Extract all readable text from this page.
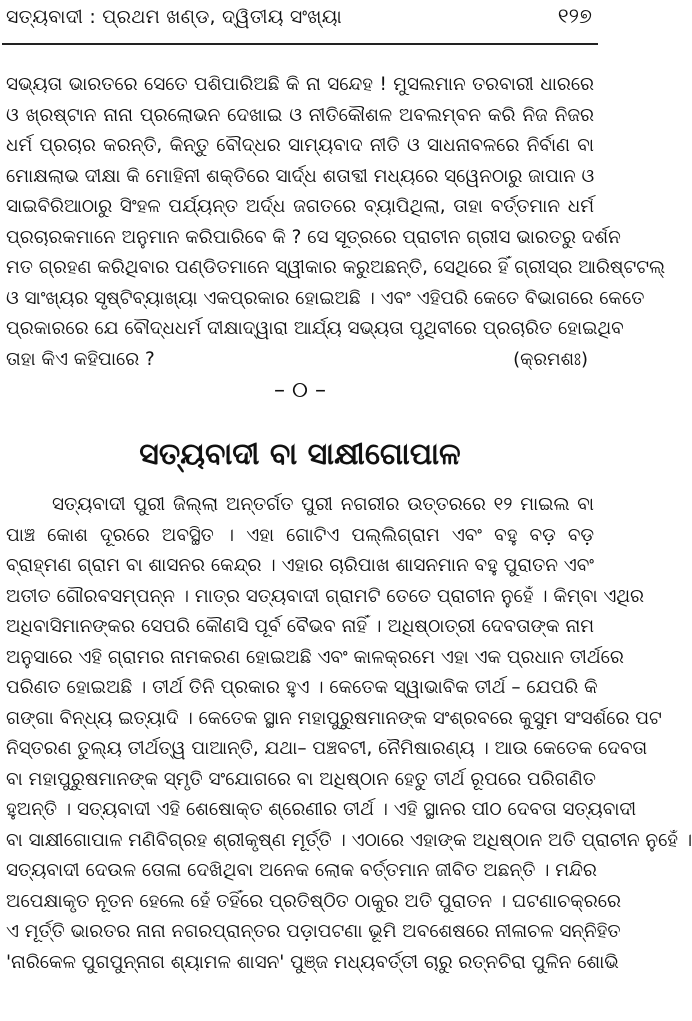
ସତ୍ୟବାଦୀ : ପ୍ରଥମ ଖଣ୍ଡ, ଦ୍ୱିତୀୟ ସଂଖ୍ୟା	୧୨୭
ସଭ୍ୟତା ଭାରତରେ ସେତେ ପଶିପାରିଅଛି କି ନା ସନ୍ଦେହ ! ମୁସଲମାନ ତରବାରୀ ଧାରରେ
ଓ ଖ୍ରଷ୍ଟାନ ନାନା ପ୍ରଲୋଭନ ଦେଖାଇ ଓ ନୀତିକୌଶଳ ଅବଲମ୍ବନ କରି ନିଜ ନିଜର
ଧର୍ମ ପ୍ରଚାର କରନ୍ତି, କିନ୍ତୁ ବୌଦ୍ଧର ସାମ୍ୟବାଦ ନୀତି ଓ ସାଧନାବଳରେ ନିର୍ବାଣ ବା
ମୋକ୍ଷଲାଭ ଦୀକ୍ଷା କି ମୋହିନୀ ଶକ୍ତିରେ ସାର୍ଦ୍ଧ ଶତାବ୍ଦୀ ମଧ୍ୟରେ ସ୍ୱେନଠାରୁ ଜାପାନ ଓ
ସାଇବିରିଆଠାରୁ ସିଂହଳ ପର୍ଯ୍ୟନ୍ତ ଅର୍ଦ୍ଧ ଜଗତରେ ବ୍ୟାପିଥିଲା, ତାହା ବର୍ତ୍ତମାନ ଧର୍ମ
ପ୍ରଚାରକମାନେ ଅନୁମାନ କରିପାରିବେ କି ? ସେ ସୂତ୍ରରେ ପ୍ରାଚୀନ ଗ୍ରୀସ ଭାରତରୁ ଦର୍ଶନ
ମତ ଗ୍ରହଣ କରିଥିବାର ପଣ୍ଡିତମାନେ ସ୍ୱୀକାର କରୁଅଛନ୍ତି, ସେଥିରେ ହିଁ ଗ୍ରୀସ୍‌ର ଆରିଷ୍ଟଟଲ୍‌
ଓ ସାଂଖ୍ୟର ସୃଷ୍ଟିବ୍ୟାଖ୍ୟା ଏକପ୍ରକାର ହୋଇଅଛି । ଏବଂ ଏହିପରି କେତେ ବିଭାଗରେ କେତେ
ପ୍ରକାରରେ ଯେ ବୌଦ୍ଧଧର୍ମ ଦୀକ୍ଷାଦ୍ୱାରା ଆର୍ଯ୍ୟ ସଭ୍ୟତା ପୃଥିବୀରେ ପ୍ରଚାରିତ ହୋଇଥିବ
ତାହା କିଏ କହିପାରେ ?	(କ୍ରମଶଃ)
– ୦ –
ସତ୍ୟବାଦୀ ବା ସାକ୍ଷୀଗୋପାଳ
ସତ୍ୟବାଦୀ ପୁରୀ ଜିଲ୍ଲା ଅନ୍ତର୍ଗତ ପୁରୀ ନଗରୀର ଉତ୍ତରରେ ୧୨ ମାଇଲ ବା
ପାଞ୍ଚ କୋଶ ଦୂରରେ ଅବସ୍ଥିତ । ଏହା ଗୋଟିଏ ପଲ୍ଲିଗ୍ରାମ ଏବଂ ବହୁ ବଡ଼ ବଡ଼
ବ୍ରାହ୍ମଣ ଗ୍ରାମ ବା ଶାସନର କେନ୍ଦ୍ର । ଏହାର ଚାରିପାଖ ଶାସନମାନ ବହୁ ପୁରାତନ ଏବଂ
ଅତୀତ ଗୌରବସମ୍ପନ୍ନ । ମାତ୍ର ସତ୍ୟବାଦୀ ଗ୍ରାମଟି ତେତେ ପ୍ରାଚୀନ ନୁହେଁ । କିମ୍ବା ଏଥିର
ଅଧିବାସିମାନଙ୍କର ସେପରି କୌଣସି ପୂର୍ବ ବୈଭବ ନାହିଁ । ଅଧିଷ୍ଠାତ୍ରୀ ଦେବତାଙ୍କ ନାମ
ଅନୁସାରେ ଏହି ଗ୍ରାମର ନାମକରଣ ହୋଇଅଛି ଏବଂ କାଳକ୍ରମେ ଏହା ଏକ ପ୍ରଧାନ ତୀର୍ଥରେ
ପରିଣତ ହୋଇଅଛି । ତୀର୍ଥ ତିନି ପ୍ରକାର ହୁଏ । କେତେକ ସ୍ୱାଭାବିକ ତୀର୍ଥ – ଯେପରି କି
ଗଙ୍ଗା ବିନ୍ଧ୍ୟ ଇତ୍ୟାଦି । କେତେକ ସ୍ଥାନ ମହାପୁରୁଷମାନଙ୍କ ସଂଶ୍ରବରେ କୁସୁମ ସଂସର୍ଶରେ ପଟ
ନିସ୍ତରଣ ତୁଲ୍ୟ ତୀର୍ଥତ୍ୱ ପାଆନ୍ତି, ଯଥା– ପଞ୍ଚବଟୀ, ନୈମିଷାରଣ୍ୟ । ଆଉ କେତେକ ଦେବତା
ବା ମହାପୁରୁଷମାନଙ୍କ ସ୍ମୃତି ସଂଯୋଗରେ ବା ଅଧିଷ୍ଠାନ ହେତୁ ତୀର୍ଥ ରୂପରେ ପରିଗଣିତ
ହୁଅନ୍ତି । ସତ୍ୟବାଦୀ ଏହି ଶେଷୋକ୍ତ ଶ୍ରେଣୀର ତୀର୍ଥ । ଏହି ସ୍ଥାନର ପୀଠ ଦେବତା ସତ୍ୟବାଦୀ
ବା ସାକ୍ଷୀଗୋପାଳ ମଣିବିଗ୍ରହ ଶ୍ରୀକୃଷ୍ଣ ମୂର୍ତ୍ତି । ଏଠାରେ ଏହାଙ୍କ ଅଧିଷ୍ଠାନ ଅତି ପ୍ରାଚୀନ ନୁହେଁ ।
ସତ୍ୟବାଦୀ ଦେଉଳ ତୋଳା ଦେଖିଥିବା ଅନେକ ଲୋକ ବର୍ତ୍ତମାନ ଜୀବିତ ଅଛନ୍ତି । ମନ୍ଦିର
ଅପେକ୍ଷାକୃତ ନୂତନ ହେଲେ ହେଁ ତହିଁରେ ପ୍ରତିଷ୍ଠିତ ଠାକୁର ଅତି ପୁରାତନ । ଘଟଣାଚକ୍ରରେ
ଏ ମୂର୍ତ୍ତି ଭାରତର ନାନା ନଗରପ୍ରାନ୍ତର ପଡ଼ାପଟଣା ଭୂମି ଅବଶେଷରେ ନୀଳାଚଳ ସନ୍ନିହିତ
'ନାରିକେଳ ପୁଗପୁନ୍ନାଗ ଶ୍ୟାମଳ ଶାସନ' ପୁଞ୍ଜ ମଧ୍ୟବର୍ତ୍ତୀ ଚାରୁ ରତ୍ନଚିରା ପୁଳିନ ଶୋଭି
